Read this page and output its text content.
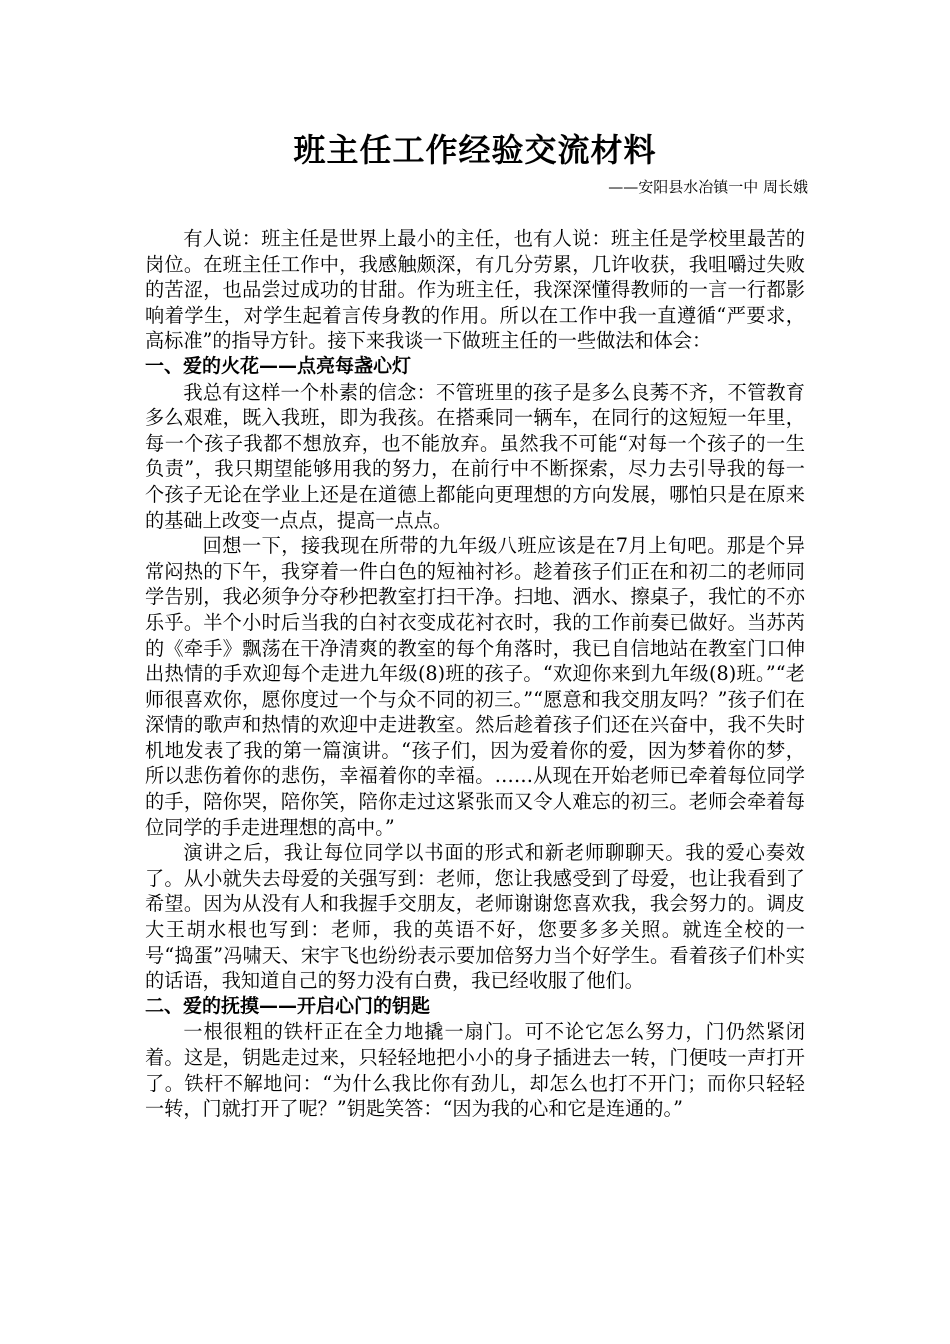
班主任工作经验交流材料
——安阳县水冶镇一中 周长娥

有人说：班主任是世界上最小的主任，也有人说：班主任是学校里最苦的岗位。在班主任工作中，我感触颇深，有几分劳累，几许收获，我咀嚼过失败的苦涩，也品尝过成功的甘甜。作为班主任，我深深懂得教师的一言一行都影响着学生，对学生起着言传身教的作用。所以在工作中我一直遵循“严要求，高标准”的指导方针。接下来我谈一下做班主任的一些做法和体会：

一、爱的火花——点亮每盏心灯

我总有这样一个朴素的信念：不管班里的孩子是多么良莠不齐，不管教育多么艰难，既入我班，即为我孩。在搭乘同一辆车，在同行的这短短一年里，每一个孩子我都不想放弃，也不能放弃。虽然我不可能“对每一个孩子的一生负责”，我只期望能够用我的努力，在前行中不断探索，尽力去引导我的每一个孩子无论在学业上还是在道德上都能向更理想的方向发展，哪怕只是在原来的基础上改变一点点，提高一点点。

回想一下，接我现在所带的九年级八班应该是在7月上旬吧。那是个异常闷热的下午，我穿着一件白色的短袖衬衫。趁着孩子们正在和初二的老师同学告别，我必须争分夺秒把教室打扫干净。扫地、洒水、擦桌子，我忙的不亦乐乎。半个小时后当我的白衬衣变成花衬衣时，我的工作前奏已做好。当苏芮的《牵手》飘荡在干净清爽的教室的每个角落时，我已自信地站在教室门口伸出热情的手欢迎每个走进九年级(8)班的孩子。“欢迎你来到九年级(8)班。”“老师很喜欢你，愿你度过一个与众不同的初三。”“愿意和我交朋友吗？”孩子们在深情的歌声和热情的欢迎中走进教室。然后趁着孩子们还在兴奋中，我不失时机地发表了我的第一篇演讲。“孩子们，因为爱着你的爱，因为梦着你的梦，所以悲伤着你的悲伤，幸福着你的幸福。……从现在开始老师已牵着每位同学的手，陪你哭，陪你笑，陪你走过这紧张而又令人难忘的初三。老师会牵着每位同学的手走进理想的高中。”

演讲之后，我让每位同学以书面的形式和新老师聊聊天。我的爱心奏效了。从小就失去母爱的关强写到：老师，您让我感受到了母爱，也让我看到了希望。因为从没有人和我握手交朋友，老师谢谢您喜欢我，我会努力的。调皮大王胡水根也写到：老师，我的英语不好，您要多多关照。就连全校的一号“捣蛋”冯啸天、宋宇飞也纷纷表示要加倍努力当个好学生。看着孩子们朴实的话语，我知道自己的努力没有白费，我已经收服了他们。

二、爱的抚摸——开启心门的钥匙

一根很粗的铁杆正在全力地撬一扇门。可不论它怎么努力，门仍然紧闭着。这是，钥匙走过来，只轻轻地把小小的身子插进去一转，门便吱一声打开了。铁杆不解地问：“为什么我比你有劲儿，却怎么也打不开门；而你只轻轻一转，门就打开了呢？”钥匙笑答：“因为我的心和它是连通的。”
